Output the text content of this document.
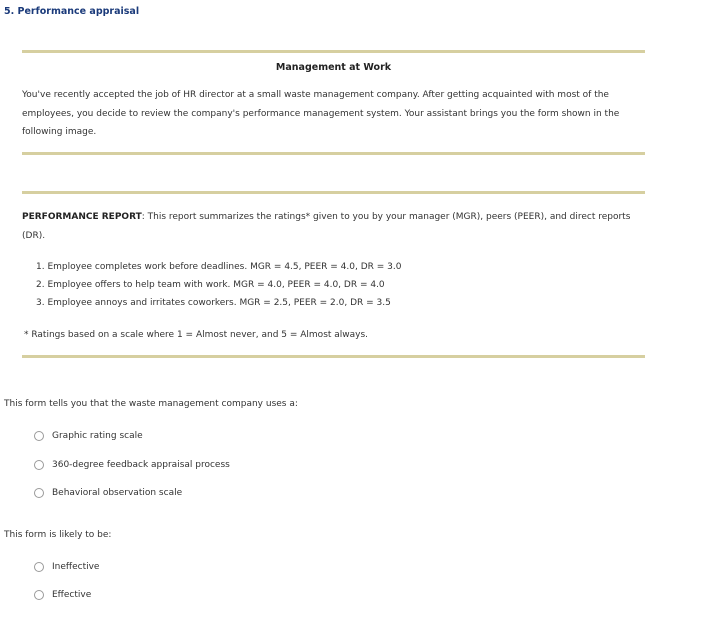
5. Performance appraisal
Management at Work
You've recently accepted the job of HR director at a small waste management company. After getting acquainted with most of the employees, you decide to review the company's performance management system. Your assistant brings you the form shown in the following image.
PERFORMANCE REPORT: This report summarizes the ratings* given to you by your manager (MGR), peers (PEER), and direct reports (DR).
1. Employee completes work before deadlines. MGR = 4.5, PEER = 4.0, DR = 3.0
2. Employee offers to help team with work. MGR = 4.0, PEER = 4.0, DR = 4.0
3. Employee annoys and irritates coworkers. MGR = 2.5, PEER = 2.0, DR = 3.5
* Ratings based on a scale where 1 = Almost never, and 5 = Almost always.
This form tells you that the waste management company uses a:
Graphic rating scale
360-degree feedback appraisal process
Behavioral observation scale
This form is likely to be:
Ineffective
Effective
